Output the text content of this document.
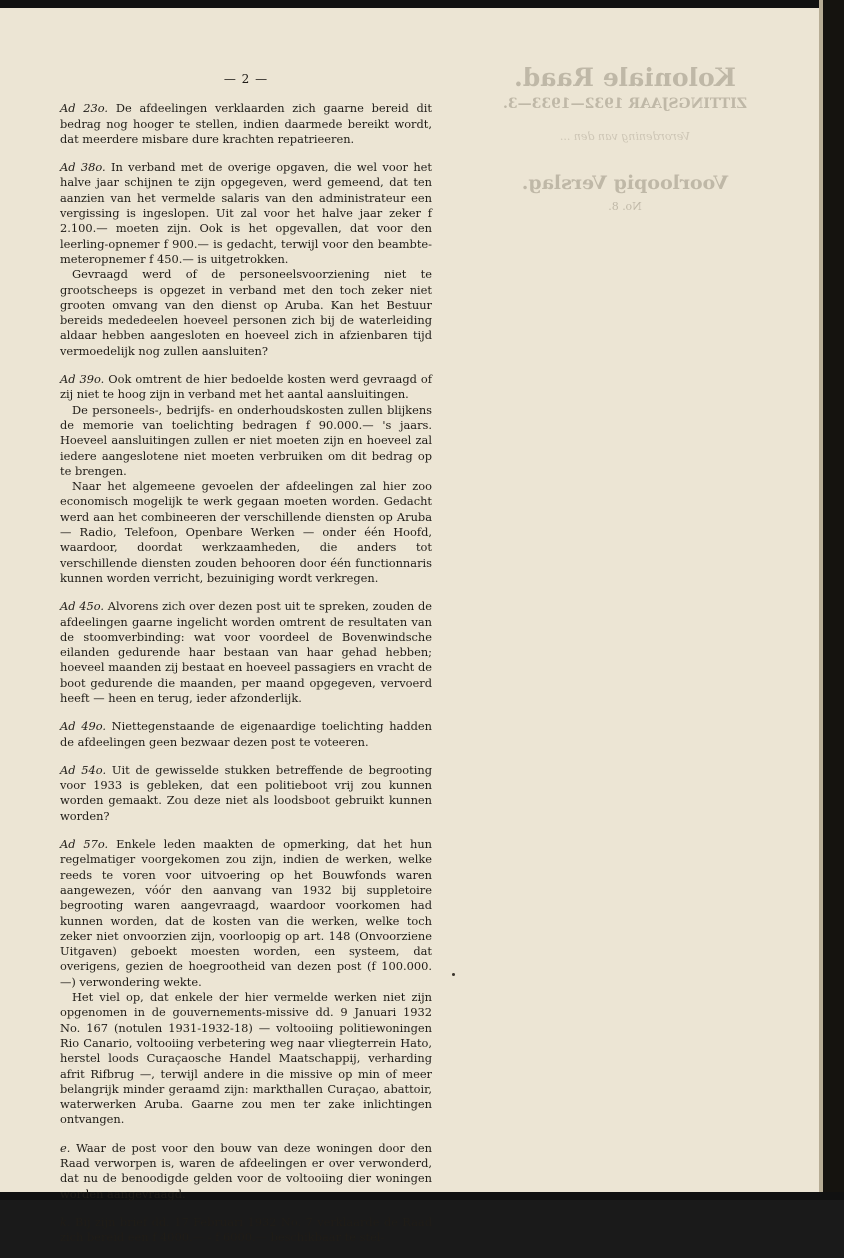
Koloniale Raad.
ZITTINGSJAAR 1932—1933—3.
Verordening van den ...
Voorloopig Verslag.
No. 8.
— 2 —

Ad 23o. De afdeelingen verklaarden zich gaarne bereid dit bedrag nog hooger te stellen, indien daarmede bereikt wordt, dat meerdere misbare dure krachten repatrieeren.

Ad 38o. In verband met de overige opgaven, die wel voor het halve jaar schijnen te zijn opgegeven, werd gemeend, dat ten aanzien van het vermelde salaris van den administrateur een vergissing is ingeslopen. Uit zal voor het halve jaar zeker f 2.100.— moeten zijn. Ook is het opgevallen, dat voor den leerling-opnemer f 900.— is gedacht, terwijl voor den beambte-meteropnemer f 450.— is uitgetrokken.

Gevraagd werd of de personeelsvoorziening niet te grootscheeps is opgezet in verband met den toch zeker niet grooten omvang van den dienst op Aruba. Kan het Bestuur bereids mededeelen hoeveel personen zich bij de waterleiding aldaar hebben aangesloten en hoeveel zich in afzienbaren tijd vermoedelijk nog zullen aansluiten?

Ad 39o. Ook omtrent de hier bedoelde kosten werd gevraagd of zij niet te hoog zijn in verband met het aantal aansluitingen.

De personeels-, bedrijfs- en onderhoudskosten zullen blijkens de memorie van toelichting bedragen f 90.000.— 's jaars. Hoeveel aansluitingen zullen er niet moeten zijn en hoeveel zal iedere aangeslotene niet moeten verbruiken om dit bedrag op te brengen.

Naar het algemeene gevoelen der afdeelingen zal hier zoo economisch mogelijk te werk gegaan moeten worden. Gedacht werd aan het combineeren der verschillende diensten op Aruba — Radio, Telefoon, Openbare Werken — onder één Hoofd, waardoor, doordat werkzaamheden, die anders tot verschillende diensten zouden behooren door één functionnaris kunnen worden verricht, bezuiniging wordt verkregen.

Ad 45o. Alvorens zich over dezen post uit te spreken, zouden de afdeelingen gaarne ingelicht worden omtrent de resultaten van de stoomverbinding: wat voor voordeel de Bovenwindsche eilanden gedurende haar bestaan van haar gehad hebben; hoeveel maanden zij bestaat en hoeveel passagiers en vracht de boot gedurende die maanden, per maand opgegeven, vervoerd heeft — heen en terug, ieder afzonderlijk.

Ad 49o. Niettegenstaande de eigenaardige toelichting hadden de afdeelingen geen bezwaar dezen post te voteeren.

Ad 54o. Uit de gewisselde stukken betreffende de begrooting voor 1933 is gebleken, dat een politieboot vrij zou kunnen worden gemaakt. Zou deze niet als loodsboot gebruikt kunnen worden?

Ad 57o. Enkele leden maakten de opmerking, dat het hun regelmatiger voorgekomen zou zijn, indien de werken, welke reeds te voren voor uitvoering op het Bouwfonds waren aangewezen, vóór den aanvang van 1932 bij suppletoire begrooting waren aangevraagd, waardoor voorkomen had kunnen worden, dat de kosten van die werken, welke toch zeker niet onvoorzien zijn, voorloopig op art. 148 (Onvoorziene Uitgaven) geboekt moesten worden, een systeem, dat overigens, gezien de hoegrootheid van dezen post (f 100.000.—) verwondering wekte.

Het viel op, dat enkele der hier vermelde werken niet zijn opgenomen in de gouvernements-missive dd. 9 Januari 1932 No. 167 (notulen 1931-1932-18) — voltooiing politiewoningen Rio Canario, voltooiing verbetering weg naar vliegterrein Hato, herstel loods Curaçaosche Handel Maatschappij, verharding afrit Rifbrug —, terwijl andere in die missive op min of meer belangrijk minder geraamd zijn: markthallen Curaçao, abattoir, waterwerken Aruba. Gaarne zou men ter zake inlichtingen ontvangen.

e. Waar de post voor den bouw van deze woningen door den Raad verworpen is, waren de afdeelingen er over verwonderd, dat nu de benoodigde gelden voor de voltooiing dier woningen worden aangevraagd.

k. Bij zijn brief dd. 17 Februari 1932 No. 7 verklaarde de Raad zich bereid een f 4000.— - f 6000.— beschikbaar te stel-
